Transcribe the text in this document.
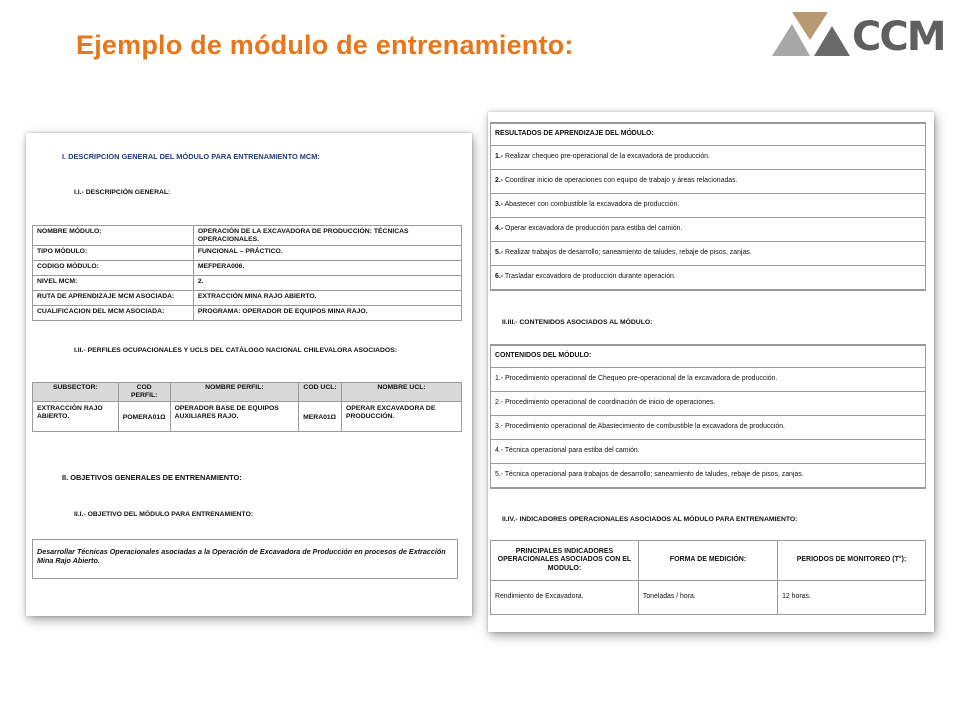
Ejemplo de módulo de entrenamiento:	CCM
I. DESCRIPCION GENERAL DEL MÓDULO PARA ENTRENAMIENTO MCM:
I.I.- DESCRIPCIÓN GENERAL:
NOMBRE MÓDULO:	OPERACIÓN DE LA EXCAVADORA DE PRODUCCIÓN: TÉCNICAS OPERACIONALES.
TIPO MÓDULO:	FUNCIONAL – PRÁCTICO.
CODIGO MÓDULO:	MEFPERA006.
NIVEL MCM:	2.
RUTA DE APRENDIZAJE MCM ASOCIADA:	EXTRACCIÓN MINA RAJO ABIERTO.
CUALIFICACION DEL MCM ASOCIADA:	PROGRAMA: OPERADOR DE EQUIPOS MINA RAJO.
I.II.- PERFILES OCUPACIONALES Y UCLS DEL CATÁLOGO NACIONAL CHILEVALORA ASOCIADOS:
SUBSECTOR:	COD PERFIL:	NOMBRE PERFIL:	COD UCL:	NOMBRE UCL:
EXTRACCIÓN RAJO ABIERTO.	POMERA01Ω	OPERADOR BASE DE EQUIPOS AUXILIARES RAJO.	MERA01Ω	OPERAR EXCAVADORA DE PRODUCCIÓN.
II. OBJETIVOS GENERALES DE ENTRENAMIENTO:
II.I.- OBJETIVO DEL MÓDULO PARA ENTRENAMIENTO:
Desarrollar Técnicas Operacionales asociadas a la Operación de Excavadora de Producción en procesos de Extracción Mina Rajo Abierto.
RESULTADOS DE APRENDIZAJE DEL MÓDULO:
1.- Realizar chequeo pre-operacional de la excavadora de producción.
2.- Coordinar inicio de operaciones con equipo de trabajo y áreas relacionadas.
3.- Abastecer con combustible la excavadora de producción.
4.- Operar excavadora de producción para estiba del camión.
5.- Realizar trabajos de desarrollo; saneamiento de taludes, rebaje de pisos, zanjas.
6.- Trasladar excavadora de producción durante operación.
II.III.- CONTENIDOS ASOCIADOS AL MÓDULO:
CONTENIDOS DEL MÓDULO:
1.- Procedimiento operacional de Chequeo pre-operacional de la excavadora de producción.
2.- Procedimiento operacional de coordinación de inicio de operaciones.
3.- Procedimiento operacional de Abastecimiento de combustible la excavadora de producción.
4.- Técnica operacional para estiba del camión.
5.- Técnica operacional para trabajos de desarrollo; saneamiento de taludes, rebaje de pisos, zanjas.
II.IV.- INDICADORES OPERACIONALES ASOCIADOS AL MÓDULO PARA ENTRENAMIENTO:
PRINCIPALES INDICADORES OPERACIONALES ASOCIADOS CON EL MODULO:	FORMA DE MEDICIÓN:	PERIODOS DE MONITOREO (T°):
Rendimiento de Excavadora.	Toneladas / hora.	12 horas.
